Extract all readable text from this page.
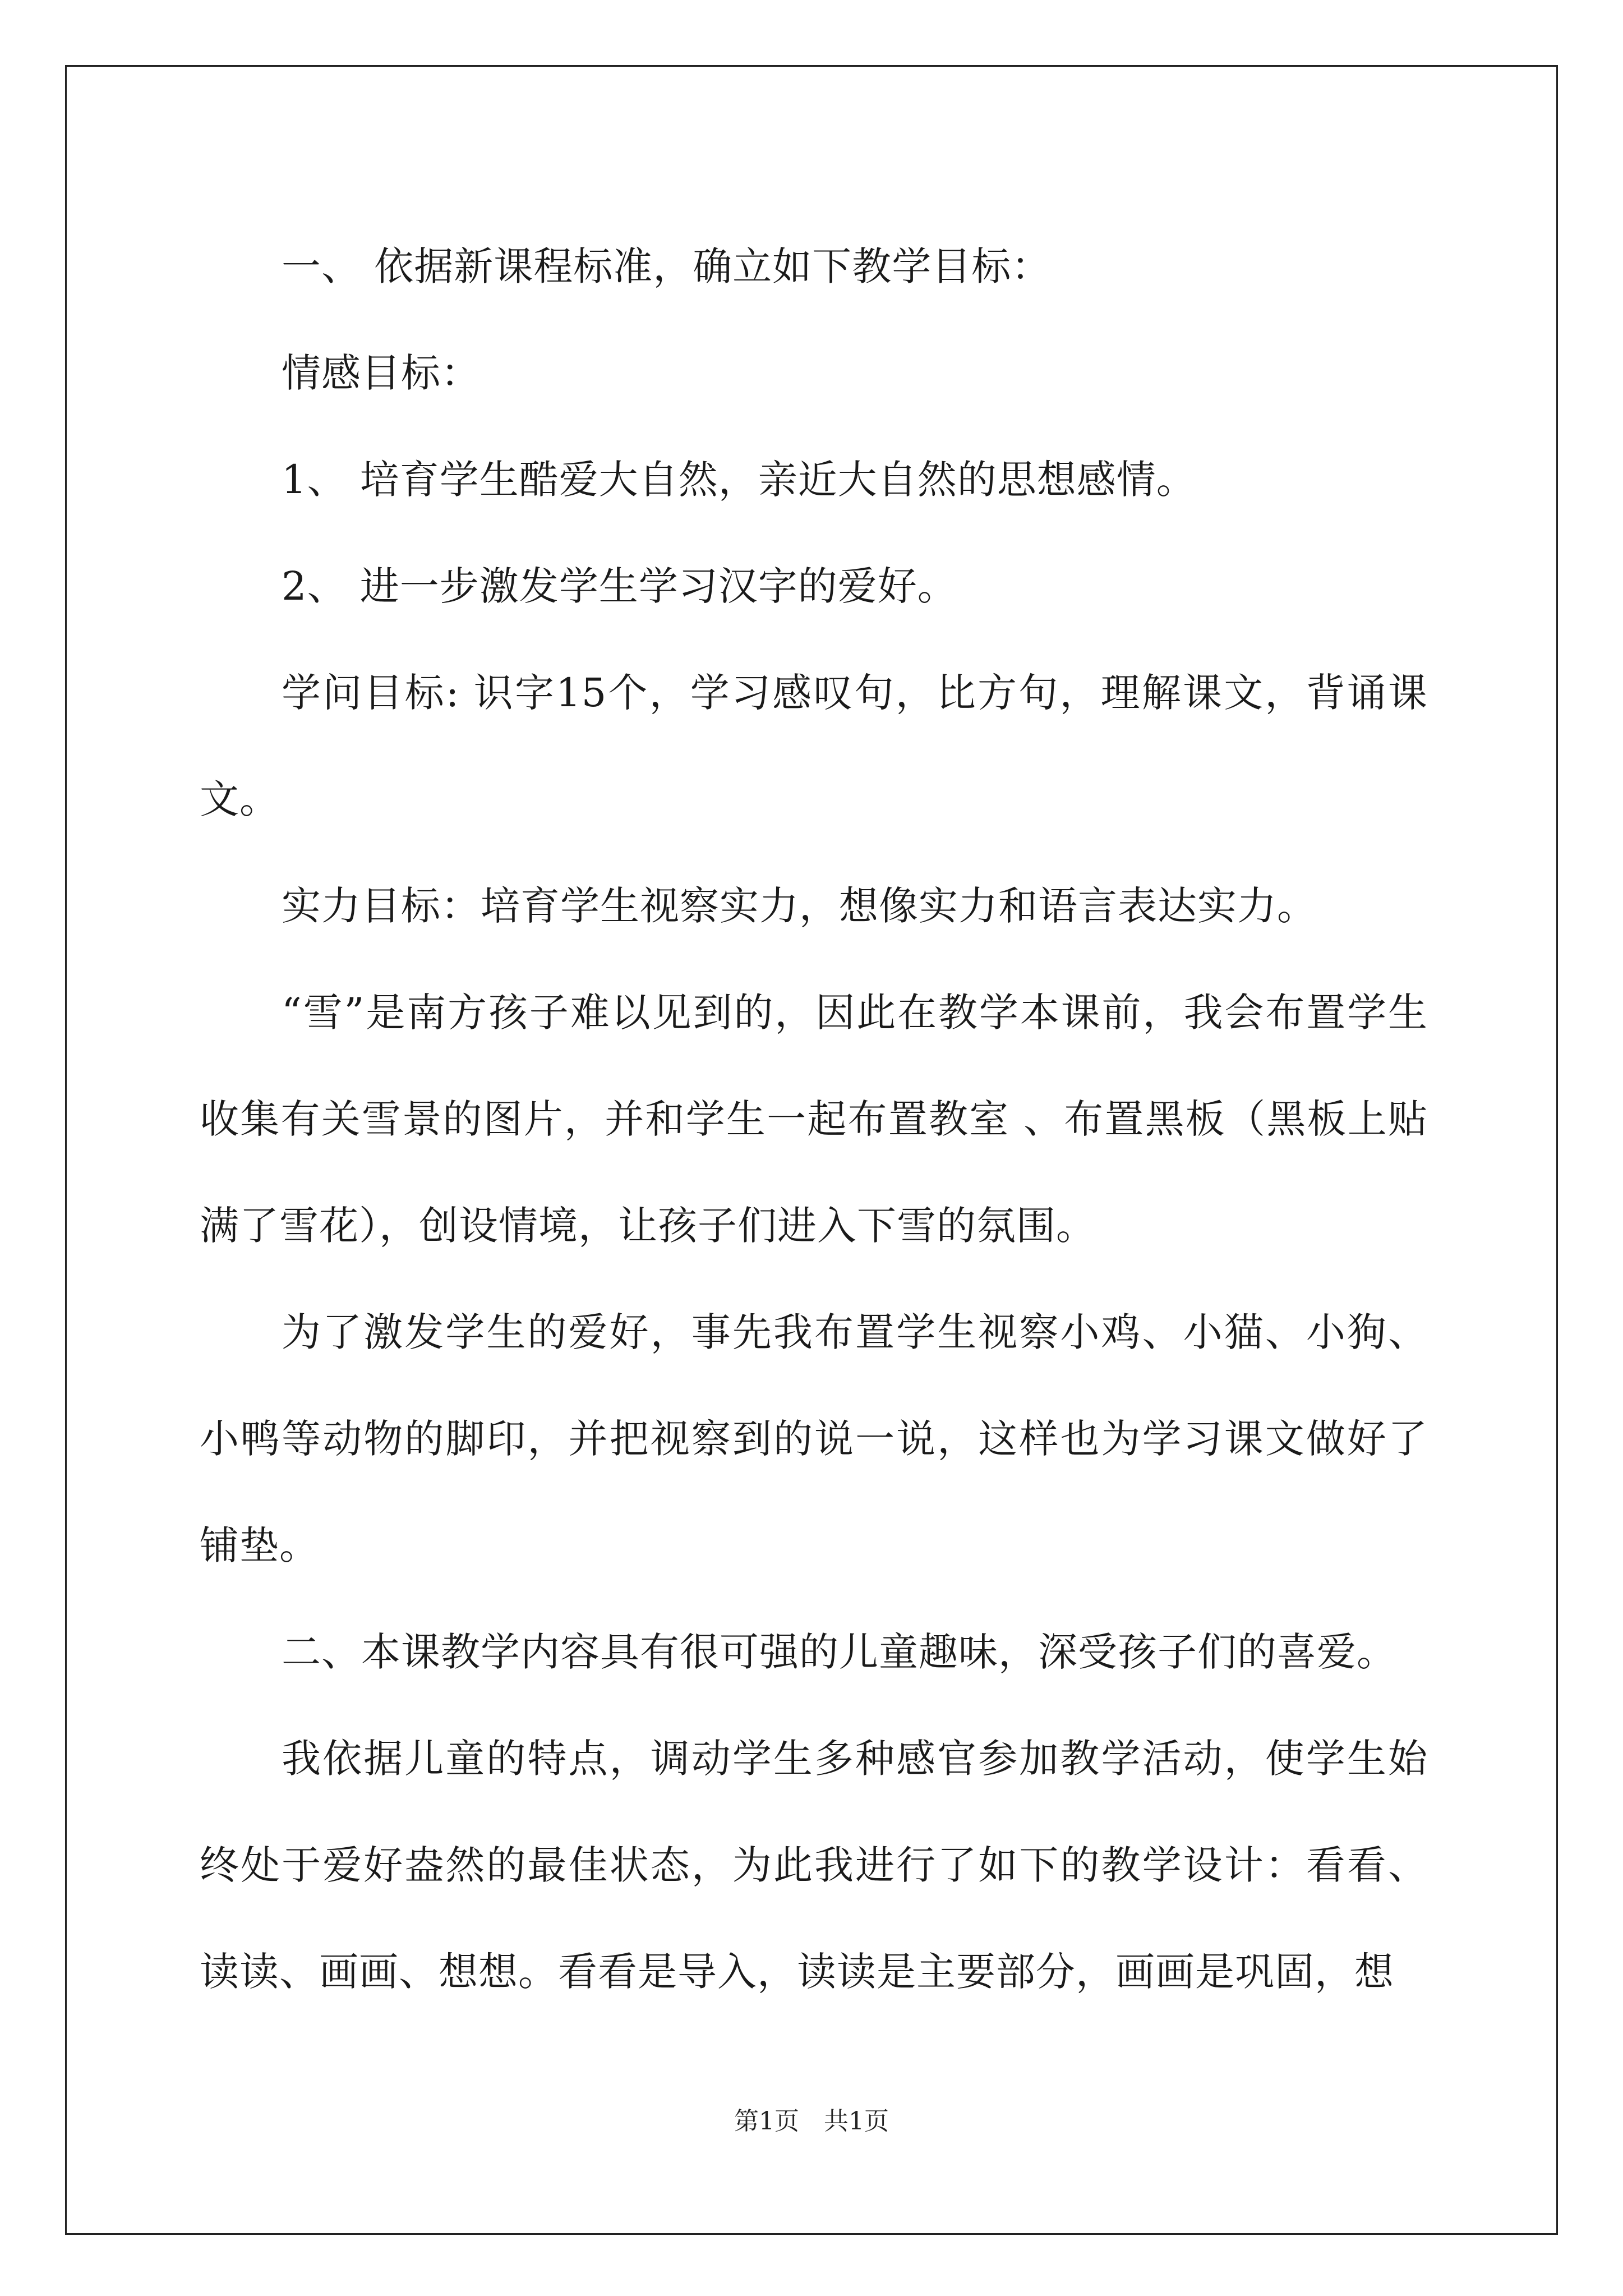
一、 依据新课程标准，确立如下教学目标：

情感目标：

1、 培育学生酷爱大自然，亲近大自然的思想感情。

2、 进一步激发学生学习汉字的爱好。

学问目标: 识字15个，学习感叹句，比方句，理解课文，背诵课文。

实力目标：培育学生视察实力，想像实力和语言表达实力。

“雪”是南方孩子难以见到的，因此在教学本课前，我会布置学生收集有关雪景的图片，并和学生一起布置教室 、布置黑板（黑板上贴满了雪花），创设情境，让孩子们进入下雪的氛围。

为了激发学生的爱好，事先我布置学生视察小鸡、小猫、小狗、小鸭等动物的脚印，并把视察到的说一说，这样也为学习课文做好了铺垫。

二、本课教学内容具有很可强的儿童趣味，深受孩子们的喜爱。

我依据儿童的特点，调动学生多种感官参加教学活动，使学生始终处于爱好盎然的最佳状态，为此我进行了如下的教学设计：看看、读读、画画、想想。看看是导入，读读是主要部分，画画是巩固，想

第1页　共1页
